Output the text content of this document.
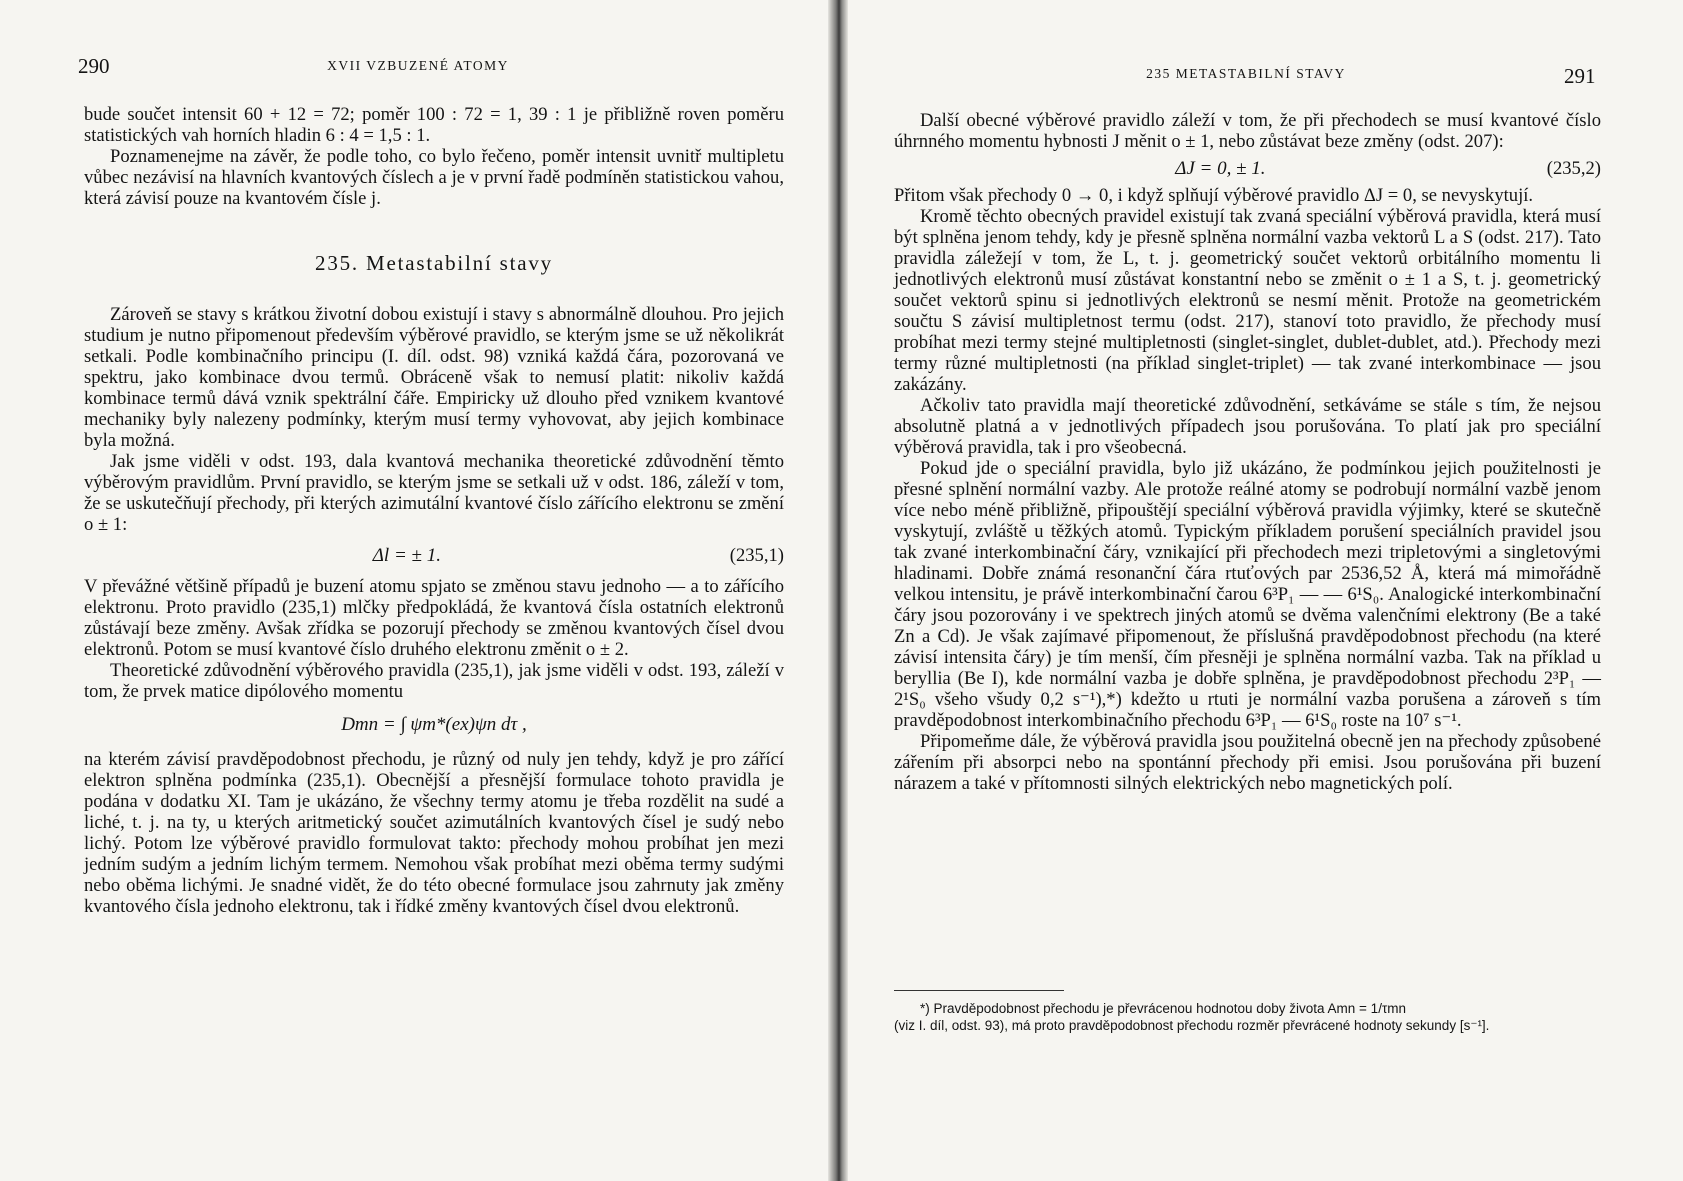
290	XVII VZBUZENÉ ATOMY

bude součet intensit 60 + 12 = 72; poměr 100 : 72 = 1, 39 : 1 je přibližně roven poměru statistických vah horních hladin 6 : 4 = 1,5 : 1.

Poznamenejme na závěr, že podle toho, co bylo řečeno, poměr intensit uvnitř multipletu vůbec nezávisí na hlavních kvantových číslech a je v první řadě podmíněn statistickou vahou, která závisí pouze na kvantovém čísle j.

235. Metastabilní stavy

Zároveň se stavy s krátkou životní dobou existují i stavy s abnormálně dlouhou. Pro jejich studium je nutno připomenout především výběrové pravidlo, se kterým jsme se už několikrát setkali. Podle kombinačního principu (I. díl. odst. 98) vzniká každá čára, pozorovaná ve spektru, jako kombinace dvou termů. Obráceně však to nemusí platit: nikoliv každá kombinace termů dává vznik spektrální čáře. Empiricky už dlouho před vznikem kvantové mechaniky byly nalezeny podmínky, kterým musí termy vyhovovat, aby jejich kombinace byla možná.

Jak jsme viděli v odst. 193, dala kvantová mechanika theoretické zdůvodnění těmto výběrovým pravidlům. První pravidlo, se kterým jsme se setkali už v odst. 186, záleží v tom, že se uskutečňují přechody, při kterých azimutální kvantové číslo zářícího elektronu se změní o ± 1:

Δl = ± 1.	(235,1)

V převážné většině případů je buzení atomu spjato se změnou stavu jednoho — a to zářícího elektronu. Proto pravidlo (235,1) mlčky předpokládá, že kvantová čísla ostatních elektronů zůstávají beze změny. Avšak zřídka se pozorují přechody se změnou kvantových čísel dvou elektronů. Potom se musí kvantové číslo druhého elektronu změnit o ± 2.

Theoretické zdůvodnění výběrového pravidla (235,1), jak jsme viděli v odst. 193, záleží v tom, že prvek matice dipólového momentu

Dmn = ∫ ψm*(ex)ψn dτ ,

na kterém závisí pravděpodobnost přechodu, je různý od nuly jen tehdy, když je pro zářící elektron splněna podmínka (235,1). Obecnější a přesnější formulace tohoto pravidla je podána v dodatku XI. Tam je ukázáno, že všechny termy atomu je třeba rozdělit na sudé a liché, t. j. na ty, u kterých aritmetický součet azimutálních kvantových čísel je sudý nebo lichý. Potom lze výběrové pravidlo formulovat takto: přechody mohou probíhat jen mezi jedním sudým a jedním lichým termem. Nemohou však probíhat mezi oběma termy sudými nebo oběma lichými. Je snadné vidět, že do této obecné formulace jsou zahrnuty jak změny kvantového čísla jednoho elektronu, tak i řídké změny kvantových čísel dvou elektronů.

235 METASTABILNÍ STAVY	291

Další obecné výběrové pravidlo záleží v tom, že při přechodech se musí kvantové číslo úhrnného momentu hybnosti J měnit o ± 1, nebo zůstávat beze změny (odst. 207):

ΔJ = 0, ± 1.	(235,2)

Přitom však přechody 0 → 0, i když splňují výběrové pravidlo ΔJ = 0, se nevyskytují.

Kromě těchto obecných pravidel existují tak zvaná speciální výběrová pravidla, která musí být splněna jenom tehdy, kdy je přesně splněna normální vazba vektorů L a S (odst. 217). Tato pravidla záležejí v tom, že L, t. j. geometrický součet vektorů orbitálního momentu li jednotlivých elektronů musí zůstávat konstantní nebo se změnit o ± 1 a S, t. j. geometrický součet vektorů spinu si jednotlivých elektronů se nesmí měnit. Protože na geometrickém součtu S závisí multipletnost termu (odst. 217), stanoví toto pravidlo, že přechody musí probíhat mezi termy stejné multipletnosti (singlet-singlet, dublet-dublet, atd.). Přechody mezi termy různé multipletnosti (na příklad singlet-triplet) — tak zvané interkombinace — jsou zakázány.

Ačkoliv tato pravidla mají theoretické zdůvodnění, setkáváme se stále s tím, že nejsou absolutně platná a v jednotlivých případech jsou porušována. To platí jak pro speciální výběrová pravidla, tak i pro všeobecná.

Pokud jde o speciální pravidla, bylo již ukázáno, že podmínkou jejich použitelnosti je přesné splnění normální vazby. Ale protože reálné atomy se podrobují normální vazbě jenom více nebo méně přibližně, připouštějí speciální výběrová pravidla výjimky, které se skutečně vyskytují, zvláště u těžkých atomů. Typickým příkladem porušení speciálních pravidel jsou tak zvané interkombinační čáry, vznikající při přechodech mezi tripletovými a singletovými hladinami. Dobře známá resonanční čára rtuťových par 2536,52 Å, která má mimořádně velkou intensitu, je právě interkombinační čarou 6³P₁ — — 6¹S₀. Analogické interkombinační čáry jsou pozorovány i ve spektrech jiných atomů se dvěma valenčními elektrony (Be a také Zn a Cd). Je však zajímavé připomenout, že příslušná pravděpodobnost přechodu (na které závisí intensita čáry) je tím menší, čím přesněji je splněna normální vazba. Tak na příklad u beryllia (Be I), kde normální vazba je dobře splněna, je pravděpodobnost přechodu 2³P₁ — 2¹S₀ všeho všudy 0,2 s⁻¹),*) kdežto u rtuti je normální vazba porušena a zároveň s tím pravděpodobnost interkombinačního přechodu 6³P₁ — 6¹S₀ roste na 10⁷ s⁻¹.

Připomeňme dále, že výběrová pravidla jsou použitelná obecně jen na přechody způsobené zářením při absorpci nebo na spontánní přechody při emisi. Jsou porušována při buzení nárazem a také v přítomnosti silných elektrických nebo magnetických polí.

*) Pravděpodobnost přechodu je převrácenou hodnotou doby života Amn = 1/τmn

(viz I. díl, odst. 93), má proto pravděpodobnost přechodu rozměr převrácené hodnoty sekundy [s⁻¹].
